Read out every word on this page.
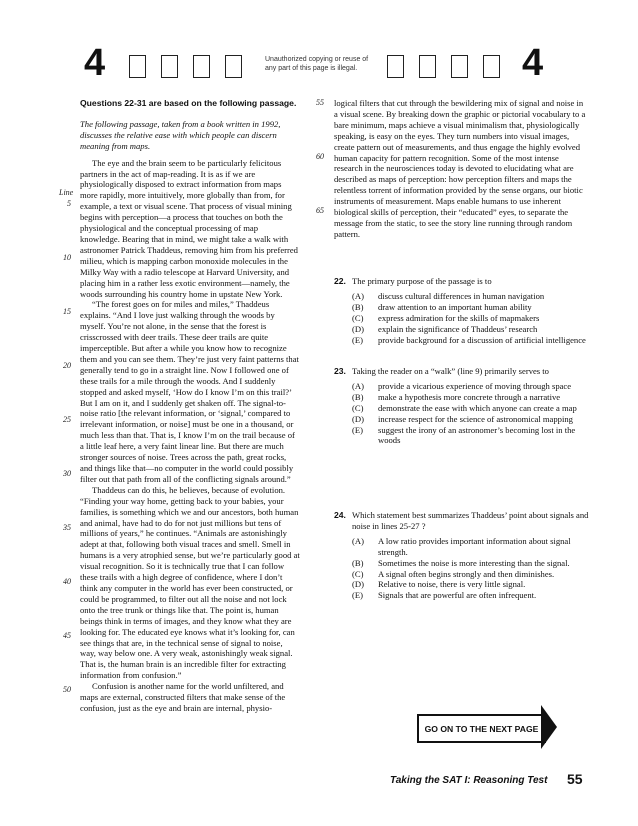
4	Unauthorized copying or reuse of any part of this page is illegal.	4

Questions 22-31 are based on the following passage.

The following passage, taken from a book written in 1992, discusses the relative ease with which people can discern meaning from maps.

The eye and the brain seem to be particularly felicitous partners in the act of map-reading. It is as if we are physiologically disposed to extract information from maps more rapidly, more intuitively, more globally than from, for example, a text or visual scene. That process of visual mining begins with perception—a process that touches on both the physiological and the conceptual processing of map knowledge. Bearing that in mind, we might take a walk with astronomer Patrick Thaddeus, removing him from his preferred milieu, which is mapping carbon monoxide molecules in the Milky Way with a radio telescope at Harvard University, and placing him in a rather less exotic environment—namely, the woods surrounding his country home in upstate New York.

“The forest goes on for miles and miles,” Thaddeus explains. “And I love just walking through the woods by myself. You’re not alone, in the sense that the forest is crisscrossed with deer trails. These deer trails are quite imperceptible. But after a while you know how to recognize them and you can see them. They’re just very faint patterns that generally tend to go in a straight line. Now I followed one of these trails for a mile through the woods. And I suddenly stopped and asked myself, ‘How do I know I’m on this trail?’ But I am on it, and I suddenly get shaken off. The signal-to-noise ratio [the relevant information, or ‘signal,’ compared to irrelevant information, or noise] must be one in a thousand, or much less than that. That is, I know I’m on the trail because of a little leaf here, a very faint linear line. But there are much stronger sources of noise. Trees across the path, great rocks, and things like that—no computer in the world could possibly filter out that path from all of the conflicting signals around.”

Thaddeus can do this, he believes, because of evolution. “Finding your way home, getting back to your babies, your families, is something which we and our ancestors, both human and animal, have had to do for not just millions but tens of millions of years,” he continues. “Animals are astonishingly adept at that, following both visual traces and smell. Smell in humans is a very atrophied sense, but we’re particularly good at visual recognition. So it is technically true that I can follow these trails with a high degree of confidence, where I don’t think any computer in the world has ever been constructed, or could be programmed, to filter out all the noise and not lock onto the tree trunk or things like that. The point is, human beings think in terms of images, and they know what they are looking for. The educated eye knows what it’s looking for, can see things that are, in the technical sense of signal to noise, way, way below one. A very weak, astonishingly weak signal. That is, the human brain is an incredible filter for extracting information from confusion.”

Confusion is another name for the world unfiltered, and maps are external, constructed filters that make sense of the confusion, just as the eye and brain are internal, physio-

Line
5
10
15
20
25
30
35
40
45
50

logical filters that cut through the bewildering mix of signal and noise in a visual scene. By breaking down the graphic or pictorial vocabulary to a bare minimum, maps achieve a visual minimalism that, physiologically speaking, is easy on the eyes. They turn numbers into visual images, create pattern out of measurements, and thus engage the highly evolved human capacity for pattern recognition. Some of the most intense research in the neurosciences today is devoted to elucidating what are described as maps of perception: how perception filters and maps the relentless torrent of information provided by the sense organs, our biotic instruments of measurement. Maps enable humans to use inherent biological skills of perception, their “educated” eyes, to separate the message from the static, to see the story line running through random pattern.

55
60
65
22. The primary purpose of the passage is to
(A) discuss cultural differences in human navigation
(B) draw attention to an important human ability
(C) express admiration for the skills of mapmakers
(D) explain the significance of Thaddeus’ research
(E) provide background for a discussion of artificial intelligence
23. Taking the reader on a “walk” (line 9) primarily serves to
(A) provide a vicarious experience of moving through space
(B) make a hypothesis more concrete through a narrative
(C) demonstrate the ease with which anyone can create a map
(D) increase respect for the science of astronomical mapping
(E) suggest the irony of an astronomer’s becoming lost in the woods
24. Which statement best summarizes Thaddeus’ point about signals and noise in lines 25-27 ?
(A) A low ratio provides important information about signal strength.
(B) Sometimes the noise is more interesting than the signal.
(C) A signal often begins strongly and then diminishes.
(D) Relative to noise, there is very little signal.
(E) Signals that are powerful are often infrequent.
GO ON TO THE NEXT PAGE
Taking the SAT I: Reasoning Test 55
